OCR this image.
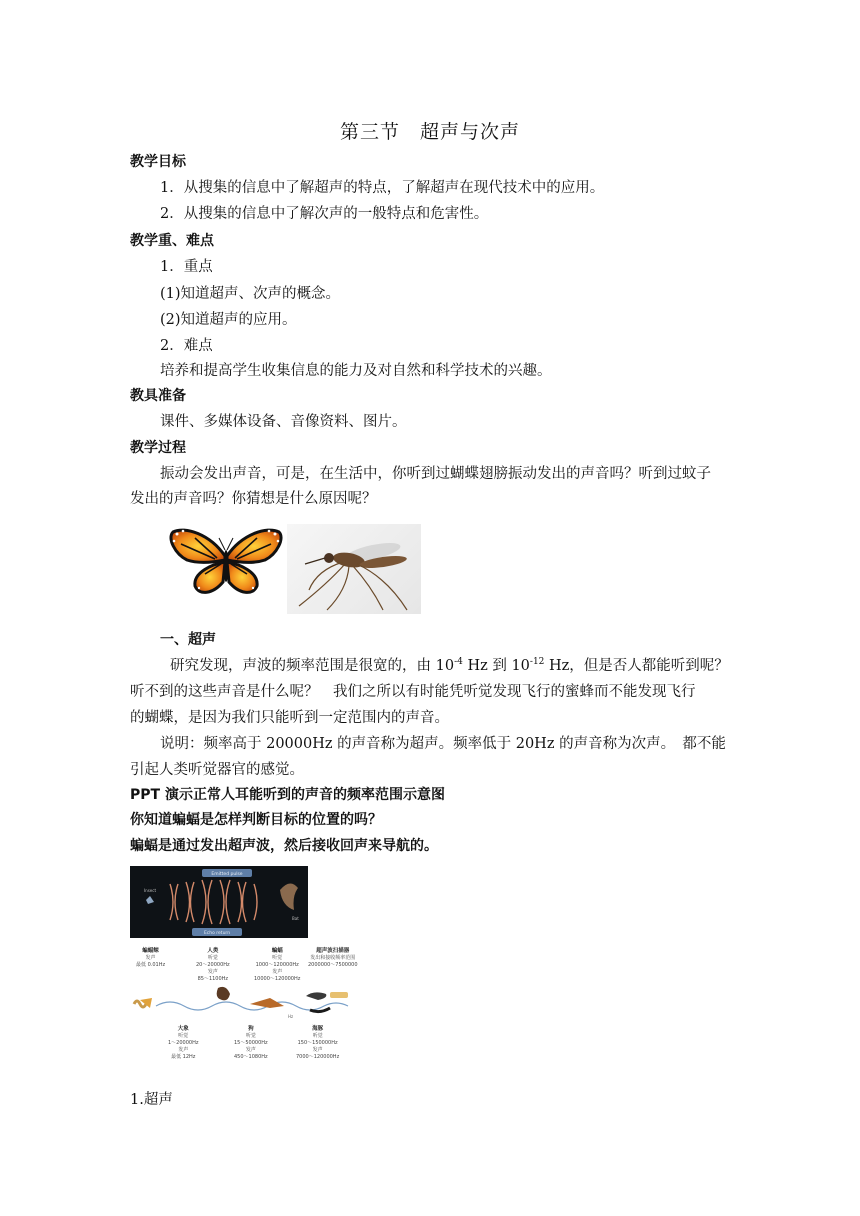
第三节　超声与次声
教学目标
1．从搜集的信息中了解超声的特点，了解超声在现代技术中的应用。
2．从搜集的信息中了解次声的一般特点和危害性。
教学重、难点
1．重点
(1)知道超声、次声的概念。
(2)知道超声的应用。
2．难点
培养和提高学生收集信息的能力及对自然和科学技术的兴趣。
教具准备
课件、多媒体设备、音像资料、图片。
教学过程
振动会发出声音，可是，在生活中，你听到过蝴蝶翅膀振动发出的声音吗？听到过蚊子
发出的声音吗？你猜想是什么原因呢？
一、超声
研究发现，声波的频率范围是很宽的，由 $10^{-4}$ Hz 到 $10^{-12}$ Hz，但是否人都能听到呢？
听不到的这些声音是什么呢？　我们之所以有时能凭听觉发现飞行的蜜蜂而不能发现飞行
的蝴蝶，是因为我们只能听到一定范围内的声音。
说明：频率高于 20000Hz 的声音称为超声。频率低于 20Hz 的声音称为次声。　都不能
引起人类听觉器官的感觉。
PPT 演示正常人耳能听到的声音的频率范围示意图
你知道蝙蝠是怎样判断目标的位置的吗？
蝙蝠是通过发出超声波，然后接收回声来导航的。
Emitted pulse
Echo return
Insect
Bat
蝙蝠鲸
发声
最低 0.01Hz
人类
听觉
20～20000Hz
发声
85～1100Hz
蝙蝠
听觉
1000～120000Hz
发声
10000～120000Hz
超声波扫描器
发出和接收频率范围
2000000～7500000
Hz
大象
听觉
1～20000Hz
发声
最低 12Hz
狗
听觉
15～50000Hz
发声
450～1080Hz
海豚
听觉
150～150000Hz
发声
7000～120000Hz
1.超声
